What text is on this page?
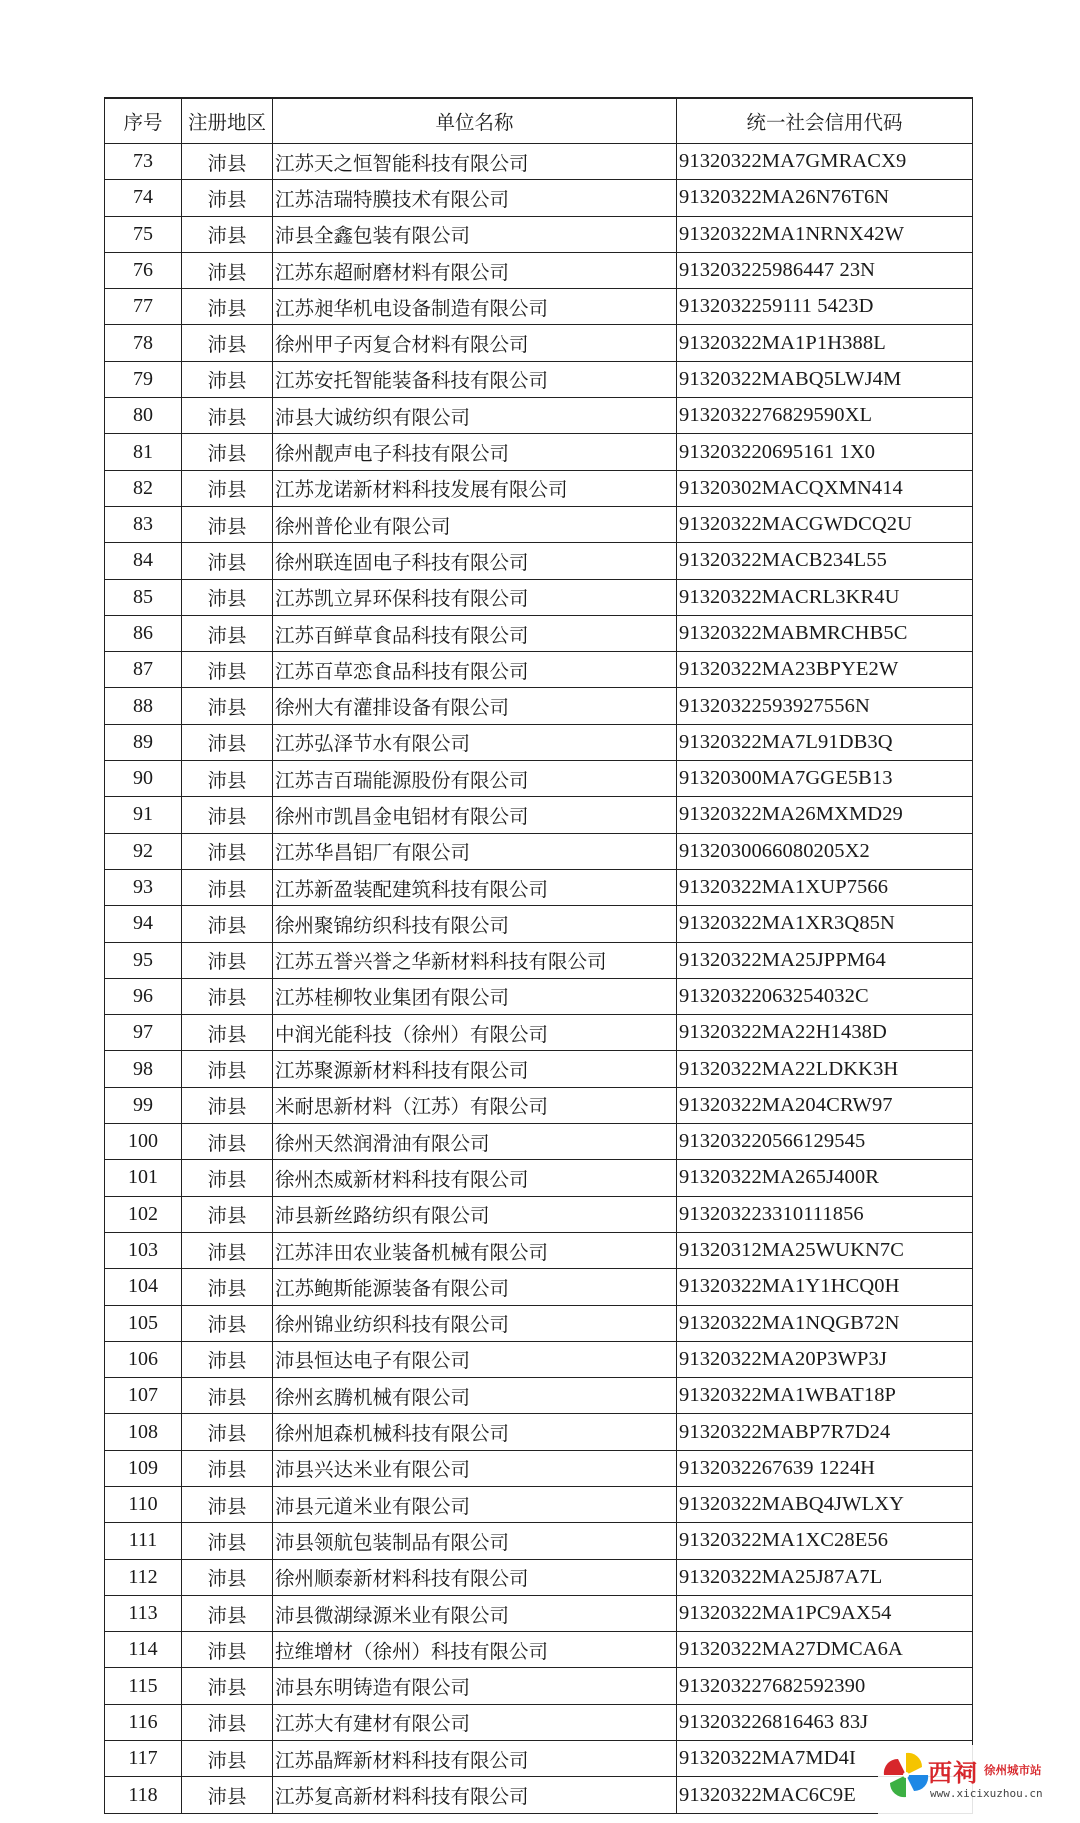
序号	注册地区	单位名称	统一社会信用代码
73	沛县	江苏天之恒智能科技有限公司	91320322MA7GMRACX9
74	沛县	江苏洁瑞特膜技术有限公司	91320322MA26N76T6N
75	沛县	沛县全鑫包装有限公司	91320322MA1NRNX42W
76	沛县	江苏东超耐磨材料有限公司	913203225986447 23N
77	沛县	江苏昶华机电设备制造有限公司	9132032259111 5423D
78	沛县	徐州甲子丙复合材料有限公司	91320322MA1P1H388L
79	沛县	江苏安托智能装备科技有限公司	91320322MABQ5LWJ4M
80	沛县	沛县大诚纺织有限公司	9132032276829590XL
81	沛县	徐州靓声电子科技有限公司	913203220695161 1X0
82	沛县	江苏龙诺新材料科技发展有限公司	91320302MACQXMN414
83	沛县	徐州普伦业有限公司	91320322MACGWDCQ2U
84	沛县	徐州联连固电子科技有限公司	91320322MACB234L55
85	沛县	江苏凯立昇环保科技有限公司	91320322MACRL3KR4U
86	沛县	江苏百鲜草食品科技有限公司	91320322MABMRCHB5C
87	沛县	江苏百草恋食品科技有限公司	91320322MA23BPYE2W
88	沛县	徐州大有灌排设备有限公司	91320322593927556N
89	沛县	江苏弘泽节水有限公司	91320322MA7L91DB3Q
90	沛县	江苏吉百瑞能源股份有限公司	91320300MA7GGE5B13
91	沛县	徐州市凯昌金电铝材有限公司	91320322MA26MXMD29
92	沛县	江苏华昌铝厂有限公司	9132030066080205X2
93	沛县	江苏新盈装配建筑科技有限公司	91320322MA1XUP7566
94	沛县	徐州聚锦纺织科技有限公司	91320322MA1XR3Q85N
95	沛县	江苏五誉兴誉之华新材料科技有限公司	91320322MA25JPPM64
96	沛县	江苏桂柳牧业集团有限公司	91320322063254032C
97	沛县	中润光能科技（徐州）有限公司	91320322MA22H1438D
98	沛县	江苏聚源新材料科技有限公司	91320322MA22LDKK3H
99	沛县	米耐思新材料（江苏）有限公司	91320322MA204CRW97
100	沛县	徐州天然润滑油有限公司	913203220566129545
101	沛县	徐州杰威新材料科技有限公司	91320322MA265J400R
102	沛县	沛县新丝路纺织有限公司	913203223310111856
103	沛县	江苏沣田农业装备机械有限公司	91320312MA25WUKN7C
104	沛县	江苏鲍斯能源装备有限公司	91320322MA1Y1HCQ0H
105	沛县	徐州锦业纺织科技有限公司	91320322MA1NQGB72N
106	沛县	沛县恒达电子有限公司	91320322MA20P3WP3J
107	沛县	徐州玄腾机械有限公司	91320322MA1WBAT18P
108	沛县	徐州旭森机械科技有限公司	91320322MABP7R7D24
109	沛县	沛县兴达米业有限公司	9132032267639 1224H
110	沛县	沛县元道米业有限公司	91320322MABQ4JWLXY
111	沛县	沛县领航包装制品有限公司	91320322MA1XC28E56
112	沛县	徐州顺泰新材料科技有限公司	91320322MA25J87A7L
113	沛县	沛县微湖绿源米业有限公司	91320322MA1PC9AX54
114	沛县	拉维增材（徐州）科技有限公司	91320322MA27DMCA6A
115	沛县	沛县东明铸造有限公司	913203227682592390
116	沛县	江苏大有建材有限公司	913203226816463 83J
117	沛县	江苏晶辉新材料科技有限公司	91320322MA7MD4I
118	沛县	江苏复高新材料科技有限公司	91320322MAC6C9E
西祠 徐州城市站
www.xicixuzhou.cn
